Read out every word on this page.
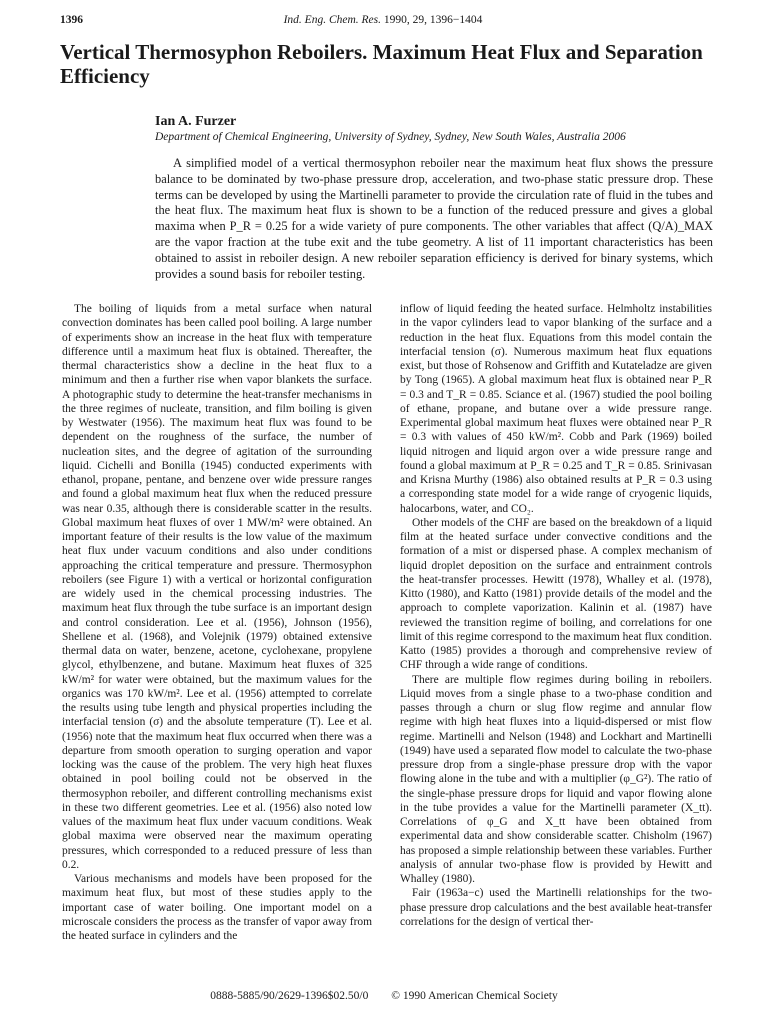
1396	Ind. Eng. Chem. Res. 1990, 29, 1396−1404
Vertical Thermosyphon Reboilers. Maximum Heat Flux and Separation Efficiency
Ian A. Furzer
Department of Chemical Engineering, University of Sydney, Sydney, New South Wales, Australia 2006

A simplified model of a vertical thermosyphon reboiler near the maximum heat flux shows the pressure balance to be dominated by two-phase pressure drop, acceleration, and two-phase static pressure drop. These terms can be developed by using the Martinelli parameter to provide the circulation rate of fluid in the tubes and the heat flux. The maximum heat flux is shown to be a function of the reduced pressure and gives a global maxima when P_R = 0.25 for a wide variety of pure components. The other variables that affect (Q/A)_MAX are the vapor fraction at the tube exit and the tube geometry. A list of 11 important characteristics has been obtained to assist in reboiler design. A new reboiler separation efficiency is derived for binary systems, which provides a sound basis for reboiler testing.

The boiling of liquids from a metal surface when natural convection dominates has been called pool boiling. A large number of experiments show an increase in the heat flux with temperature difference until a maximum heat flux is obtained. Thereafter, the thermal characteristics show a decline in the heat flux to a minimum and then a further rise when vapor blankets the surface. A photographic study to determine the heat-transfer mechanisms in the three regimes of nucleate, transition, and film boiling is given by Westwater (1956). The maximum heat flux was found to be dependent on the roughness of the surface, the number of nucleation sites, and the degree of agitation of the surrounding liquid. Cichelli and Bonilla (1945) conducted experiments with ethanol, propane, pentane, and benzene over wide pressure ranges and found a global maximum heat flux when the reduced pressure was near 0.35, although there is considerable scatter in the results. Global maximum heat fluxes of over 1 MW/m² were obtained. An important feature of their results is the low value of the maximum heat flux under vacuum conditions and also under conditions approaching the critical temperature and pressure. Thermosyphon reboilers (see Figure 1) with a vertical or horizontal configuration are widely used in the chemical processing industries. The maximum heat flux through the tube surface is an important design and control consideration. Lee et al. (1956), Johnson (1956), Shellene et al. (1968), and Volejnik (1979) obtained extensive thermal data on water, benzene, acetone, cyclohexane, propylene glycol, ethylbenzene, and butane. Maximum heat fluxes of 325 kW/m² for water were obtained, but the maximum values for the organics was 170 kW/m². Lee et al. (1956) attempted to correlate the results using tube length and physical properties including the interfacial tension (σ) and the absolute temperature (T). Lee et al. (1956) note that the maximum heat flux occurred when there was a departure from smooth operation to surging operation and vapor locking was the cause of the problem. The very high heat fluxes obtained in pool boiling could not be observed in the thermosyphon reboiler, and different controlling mechanisms exist in these two different geometries. Lee et al. (1956) also noted low values of the maximum heat flux under vacuum conditions. Weak global maxima were observed near the maximum operating pressures, which corresponded to a reduced pressure of less than 0.2.

Various mechanisms and models have been proposed for the maximum heat flux, but most of these studies apply to the important case of water boiling. One important model on a microscale considers the process as the transfer of vapor away from the heated surface in cylinders and the

inflow of liquid feeding the heated surface. Helmholtz instabilities in the vapor cylinders lead to vapor blanking of the surface and a reduction in the heat flux. Equations from this model contain the interfacial tension (σ). Numerous maximum heat flux equations exist, but those of Rohsenow and Griffith and Kutateladze are given by Tong (1965). A global maximum heat flux is obtained near P_R = 0.3 and T_R = 0.85. Sciance et al. (1967) studied the pool boiling of ethane, propane, and butane over a wide pressure range. Experimental global maximum heat fluxes were obtained near P_R = 0.3 with values of 450 kW/m². Cobb and Park (1969) boiled liquid nitrogen and liquid argon over a wide pressure range and found a global maximum at P_R = 0.25 and T_R = 0.85. Srinivasan and Krisna Murthy (1986) also obtained results at P_R = 0.3 using a corresponding state model for a wide range of cryogenic liquids, halocarbons, water, and CO₂.

Other models of the CHF are based on the breakdown of a liquid film at the heated surface under convective conditions and the formation of a mist or dispersed phase. A complex mechanism of liquid droplet deposition on the surface and entrainment controls the heat-transfer processes. Hewitt (1978), Whalley et al. (1978), Kitto (1980), and Katto (1981) provide details of the model and the approach to complete vaporization. Kalinin et al. (1987) have reviewed the transition regime of boiling, and correlations for one limit of this regime correspond to the maximum heat flux condition. Katto (1985) provides a thorough and comprehensive review of CHF through a wide range of conditions.

There are multiple flow regimes during boiling in reboilers. Liquid moves from a single phase to a two-phase condition and passes through a churn or slug flow regime and annular flow regime with high heat fluxes into a liquid-dispersed or mist flow regime. Martinelli and Nelson (1948) and Lockhart and Martinelli (1949) have used a separated flow model to calculate the two-phase pressure drop from a single-phase pressure drop with the vapor flowing alone in the tube and with a multiplier (φ_G²). The ratio of the single-phase pressure drops for liquid and vapor flowing alone in the tube provides a value for the Martinelli parameter (X_tt). Correlations of φ_G and X_tt have been obtained from experimental data and show considerable scatter. Chisholm (1967) has proposed a simple relationship between these variables. Further analysis of annular two-phase flow is provided by Hewitt and Whalley (1980).

Fair (1963a−c) used the Martinelli relationships for the two-phase pressure drop calculations and the best available heat-transfer correlations for the design of vertical ther-

0888-5885/90/2629-1396$02.50/0 © 1990 American Chemical Society
